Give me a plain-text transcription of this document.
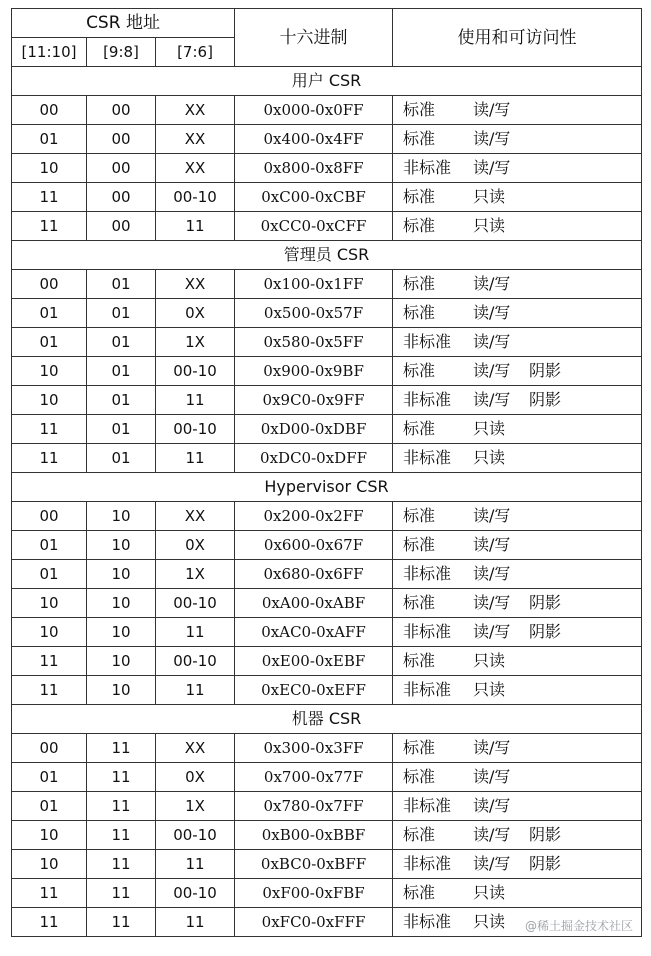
CSR 地址			十六进制	使用和可访问性
[11:10]	[9:8]	[7:6]		
用户 CSR				
00	00	XX	0x000-0x0FF	标准 读/写
01	00	XX	0x400-0x4FF	标准 读/写
10	00	XX	0x800-0x8FF	非标准 读/写
11	00	00-10	0xC00-0xCBF	标准 只读
11	00	11	0xCC0-0xCFF	标准 只读
管理员 CSR				
00	01	XX	0x100-0x1FF	标准 读/写
01	01	0X	0x500-0x57F	标准 读/写
01	01	1X	0x580-0x5FF	非标准 读/写
10	01	00-10	0x900-0x9BF	标准 读/写 阴影
10	01	11	0x9C0-0x9FF	非标准 读/写 阴影
11	01	00-10	0xD00-0xDBF	标准 只读
11	01	11	0xDC0-0xDFF	非标准 只读
Hypervisor CSR				
00	10	XX	0x200-0x2FF	标准 读/写
01	10	0X	0x600-0x67F	标准 读/写
01	10	1X	0x680-0x6FF	非标准 读/写
10	10	00-10	0xA00-0xABF	标准 读/写 阴影
10	10	11	0xAC0-0xAFF	非标准 读/写 阴影
11	10	00-10	0xE00-0xEBF	标准 只读
11	10	11	0xEC0-0xEFF	非标准 只读
机器 CSR				
00	11	XX	0x300-0x3FF	标准 读/写
01	11	0X	0x700-0x77F	标准 读/写
01	11	1X	0x780-0x7FF	非标准 读/写
10	11	00-10	0xB00-0xBBF	标准 读/写 阴影
10	11	11	0xBC0-0xBFF	非标准 读/写 阴影
11	11	00-10	0xF00-0xFBF	标准 只读
11	11	11	0xFC0-0xFFF	非标准 只读 @稀土掘金技术社区
